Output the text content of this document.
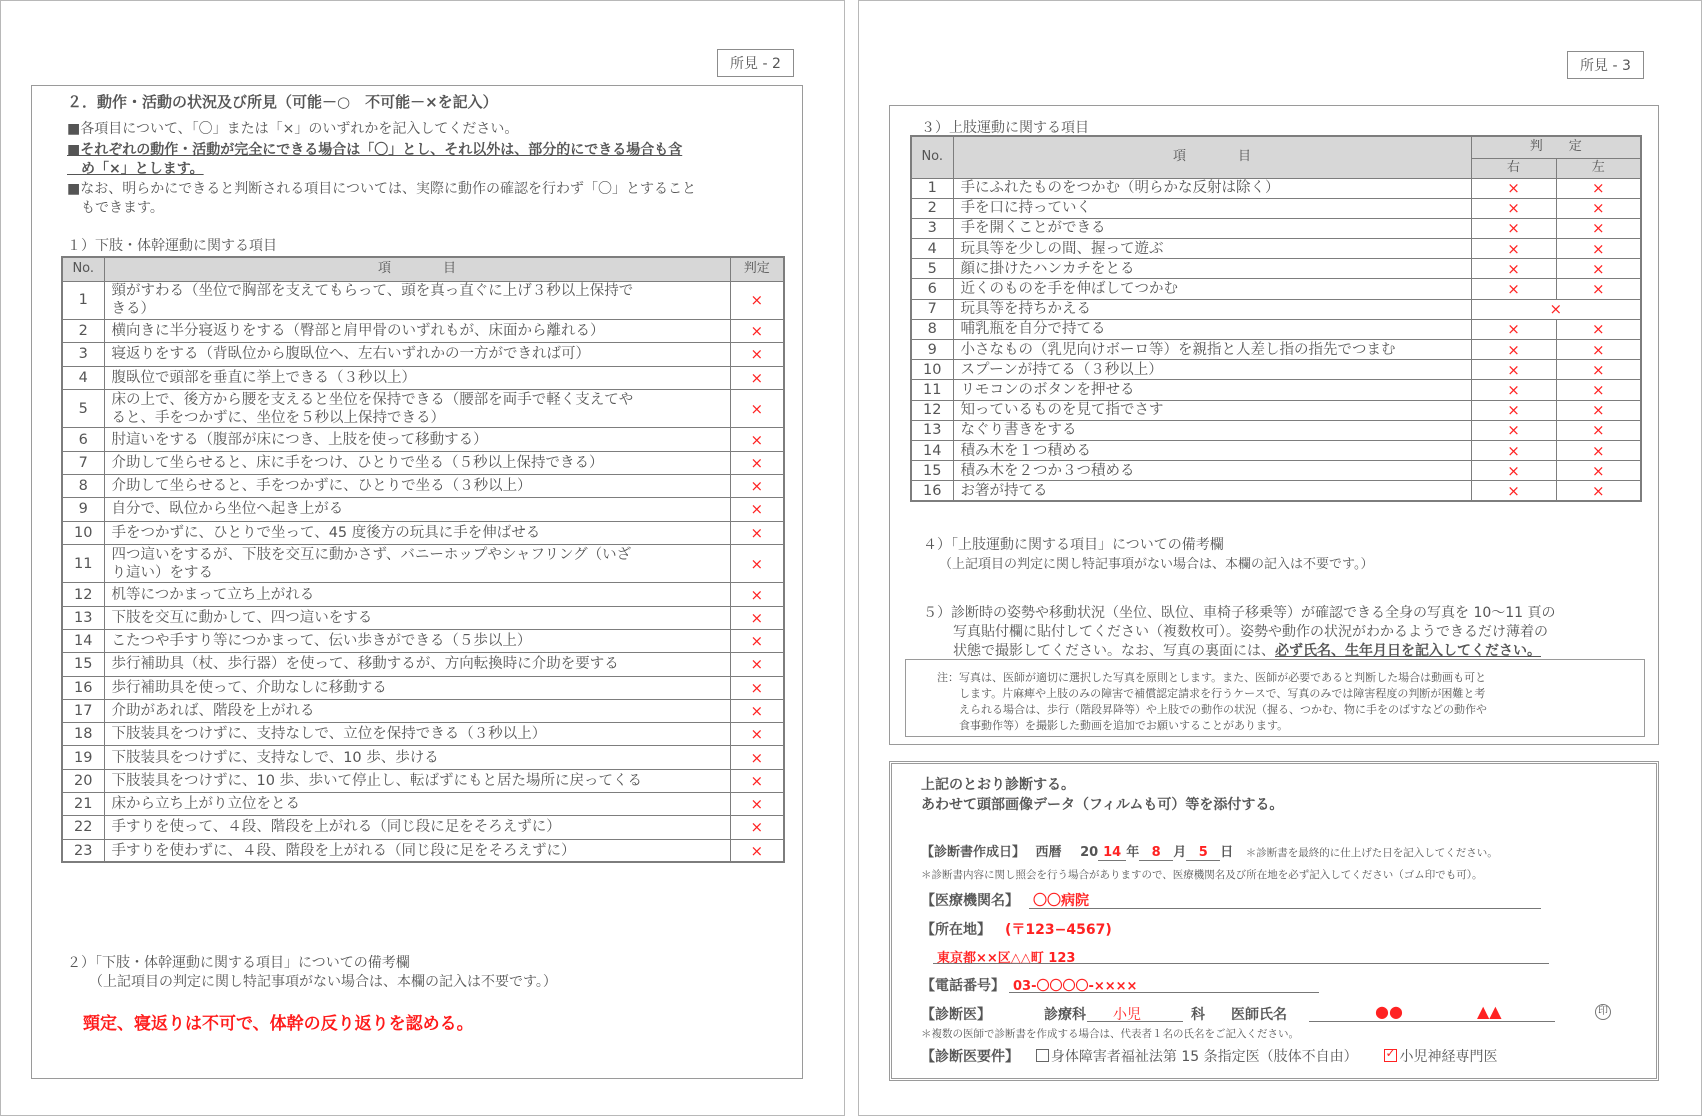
所見 - 2
２．動作・活動の状況及び所見（可能－○　不可能－×を記入）
■各項目について、「〇」または「×」のいずれかを記入してください。
■それぞれの動作・活動が完全にできる場合は「〇」とし、それ以外は、部分的にできる場合も含
　め「×」とします。
■なお、明らかにできると判断される項目については、実際に動作の確認を行わず「〇」とすること
　もできます。
１）下肢・体幹運動に関する項目
No.	項　　　　目	判定
1	頸がすわる（坐位で胸部を支えてもらって、頭を真っ直ぐに上げ３秒以上保持で
きる）	×
2	横向きに半分寝返りをする（臀部と肩甲骨のいずれもが、床面から離れる）	×
3	寝返りをする（背臥位から腹臥位へ、左右いずれかの一方ができれば可）	×
4	腹臥位で頭部を垂直に挙上できる（３秒以上）	×
5	床の上で、後方から腰を支えると坐位を保持できる（腰部を両手で軽く支えてや
ると、手をつかずに、坐位を５秒以上保持できる）	×
6	肘這いをする（腹部が床につき、上肢を使って移動する）	×
7	介助して坐らせると、床に手をつけ、ひとりで坐る（５秒以上保持できる）	×
8	介助して坐らせると、手をつかずに、ひとりで坐る（３秒以上）	×
9	自分で、臥位から坐位へ起き上がる	×
10	手をつかずに、ひとりで坐って、45 度後方の玩具に手を伸ばせる	×
11	四つ這いをするが、下肢を交互に動かさず、バニーホップやシャフリング（いざ
り這い）をする	×
12	机等につかまって立ち上がれる	×
13	下肢を交互に動かして、四つ這いをする	×
14	こたつや手すり等につかまって、伝い歩きができる（５歩以上）	×
15	歩行補助具（杖、歩行器）を使って、移動するが、方向転換時に介助を要する	×
16	歩行補助具を使って、介助なしに移動する	×
17	介助があれば、階段を上がれる	×
18	下肢装具をつけずに、支持なしで、立位を保持できる（３秒以上）	×
19	下肢装具をつけずに、支持なしで、10 歩、歩ける	×
20	下肢装具をつけずに、10 歩、歩いて停止し、転ばずにもと居た場所に戻ってくる	×
21	床から立ち上がり立位をとる	×
22	手すりを使って、４段、階段を上がれる（同じ段に足をそろえずに）	×
23	手すりを使わずに、４段、階段を上がれる（同じ段に足をそろえずに）	×
２）「下肢・体幹運動に関する項目」についての備考欄
（上記項目の判定に関し特記事項がない場合は、本欄の記入は不要です。）
頸定、寝返りは不可で、体幹の反り返りを認める。
所見 - 3
３）上肢運動に関する項目
No.	項　　　　目	判　　定	
		右	左
1	手にふれたものをつかむ（明らかな反射は除く）	×	×
2	手を口に持っていく	×	×
3	手を開くことができる	×	×
4	玩具等を少しの間、握って遊ぶ	×	×
5	顔に掛けたハンカチをとる	×	×
6	近くのものを手を伸ばしてつかむ	×	×
7	玩具等を持ちかえる	×	
8	哺乳瓶を自分で持てる	×	×
9	小さなもの（乳児向けボーロ等）を親指と人差し指の指先でつまむ	×	×
10	スプーンが持てる（３秒以上）	×	×
11	リモコンのボタンを押せる	×	×
12	知っているものを見て指でさす	×	×
13	なぐり書きをする	×	×
14	積み木を１つ積める	×	×
15	積み木を２つか３つ積める	×	×
16	お箸が持てる	×	×
４）「上肢運動に関する項目」についての備考欄
（上記項目の判定に関し特記事項がない場合は、本欄の記入は不要です。）
５）診断時の姿勢や移動状況（坐位、臥位、車椅子移乗等）が確認できる全身の写真を 10～11 頁の
写真貼付欄に貼付してください（複数枚可）。姿勢や動作の状況がわかるようできるだけ薄着の
状態で撮影してください。なお、写真の裏面には、必ず氏名、生年月日を記入してください。
注：写真は、医師が適切に選択した写真を原則とします。また、医師が必要であると判断した場合は動画も可と
します。片麻痺や上肢のみの障害で補償認定請求を行うケースで、写真のみでは障害程度の判断が困難と考
えられる場合は、歩行（階段昇降等）や上肢での動作の状況（握る、つかむ、物に手をのばすなどの動作や
食事動作等）を撮影した動画を追加でお願いすることがあります。
上記のとおり診断する。
あわせて頭部画像データ（フィルムも可）等を添付する。
【診断書作成日】 西暦 20 14 年 8 月 5 日 ＊診断書を最終的に仕上げた日を記入してください。
＊診断書内容に関し照会を行う場合がありますので、医療機関名及び所在地を必ず記入してください（ゴム印でも可）。
【医療機関名】 〇〇病院
【所在地】 (〒123−4567)
東京都××区△△町 123
【電話番号】 03-〇〇〇〇-××××
【診断医】	診療科 小児	科 医師氏名	●●	▲▲	印
＊複数の医師で診断書を作成する場合は、代表者１名の氏名をご記入ください。
【診断医要件】 身体障害者福祉法第 15 条指定医（肢体不自由） ✓	小児神経専門医
